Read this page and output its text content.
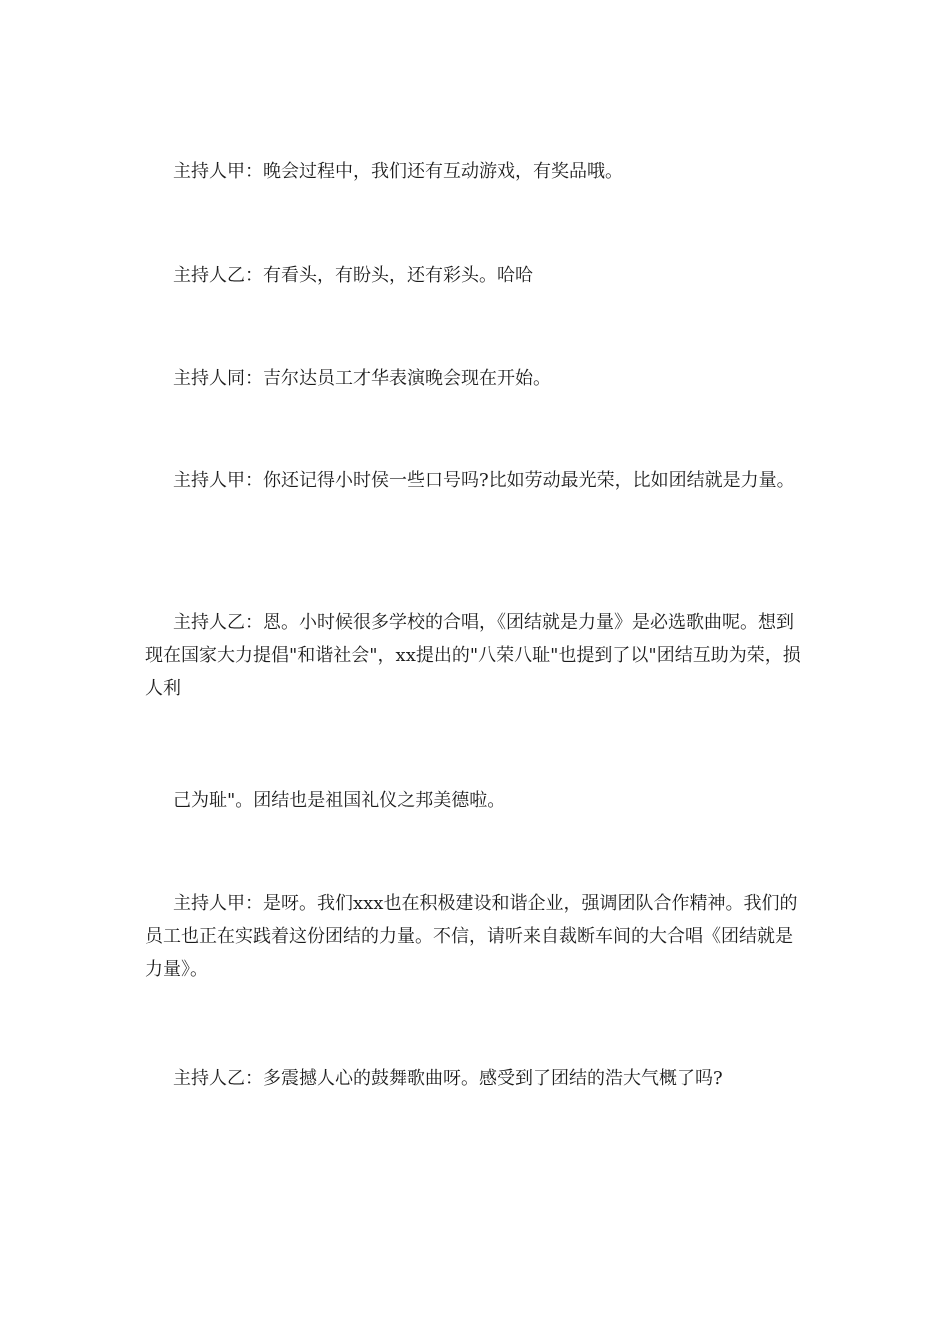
主持人甲：晚会过程中，我们还有互动游戏，有奖品哦。

主持人乙：有看头，有盼头，还有彩头。哈哈

主持人同：吉尔达员工才华表演晚会现在开始。

主持人甲：你还记得小时侯一些口号吗?比如劳动最光荣，比如团结就是力量。

主持人乙：恩。小时候很多学校的合唱，《团结就是力量》是必选歌曲呢。想到现在国家大力提倡"和谐社会"，xx提出的"八荣八耻"也提到了以"团结互助为荣，损人利

己为耻"。团结也是祖国礼仪之邦美德啦。

主持人甲：是呀。我们xxx也在积极建设和谐企业，强调团队合作精神。我们的员工也正在实践着这份团结的力量。不信，请听来自裁断车间的大合唱《团结就是力量》。

主持人乙：多震撼人心的鼓舞歌曲呀。感受到了团结的浩大气概了吗?
